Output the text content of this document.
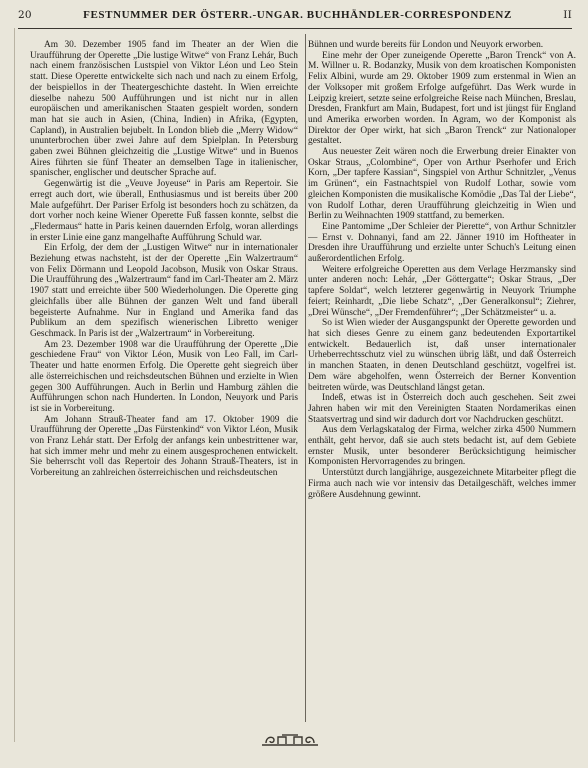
20	FESTNUMMER DER ÖSTERR.-UNGAR. BUCHHÄNDLER-CORRESPONDENZ	II

Am 30. Dezember 1905 fand im Theater an der Wien die Uraufführung der Operette „Die lustige Witwe“ von Franz Lehár, Buch nach einem französischen Lustspiel von Viktor Léon und Leo Stein statt. Diese Operette entwickelte sich nach und nach zu einem Erfolg, der beispiellos in der Theatergeschichte dasteht. In Wien erreichte dieselbe nahezu 500 Aufführungen und ist nicht nur in allen europäischen und amerikanischen Staaten gespielt worden, sondern man hat sie auch in Asien, (China, Indien) in Afrika, (Egypten, Capland), in Australien bejubelt. In London blieb die „Merry Widow“ ununterbrochen über zwei Jahre auf dem Spielplan. In Petersburg gaben zwei Bühnen gleichzeitig die „Lustige Witwe“ und in Buenos Aires führten sie fünf Theater an demselben Tage in italienischer, spanischer, englischer und deutscher Sprache auf.

Gegenwärtig ist die „Veuve Joyeuse“ in Paris am Repertoir. Sie erregt auch dort, wie überall, Enthusiasmus und ist bereits über 200 Male aufgeführt. Der Pariser Erfolg ist besonders hoch zu schätzen, da dort vorher noch keine Wiener Operette Fuß fassen konnte, selbst die „Fledermaus“ hatte in Paris keinen dauernden Erfolg, woran allerdings in erster Linie eine ganz mangelhafte Aufführung Schuld war.

Ein Erfolg, der dem der „Lustigen Witwe“ nur in internationaler Beziehung etwas nachsteht, ist der der Operette „Ein Walzertraum“ von Felix Dörmann und Leopold Jacobson, Musik von Oskar Straus. Die Uraufführung des „Walzertraum“ fand im Carl-Theater am 2. März 1907 statt und erreichte über 500 Wiederholungen. Die Operette ging gleichfalls über alle Bühnen der ganzen Welt und fand überall begeisterte Aufnahme. Nur in England und Amerika fand das Publikum an dem spezifisch wienerischen Libretto weniger Geschmack. In Paris ist der „Walzertraum“ in Vorbereitung.

Am 23. Dezember 1908 war die Uraufführung der Operette „Die geschiedene Frau“ von Viktor Léon, Musik von Leo Fall, im Carl-Theater und hatte enormen Erfolg. Die Operette geht siegreich über alle österreichischen und reichsdeutschen Bühnen und erzielte in Wien gegen 300 Aufführungen. Auch in Berlin und Hamburg zählen die Aufführungen schon nach Hunderten. In London, Neuyork und Paris ist sie in Vorbereitung.

Am Johann Strauß-Theater fand am 17. Oktober 1909 die Uraufführung der Operette „Das Fürstenkind“ von Viktor Léon, Musik von Franz Lehár statt. Der Erfolg der anfangs kein unbestrittener war, hat sich immer mehr und mehr zu einem ausgesprochenen entwickelt. Sie beherrscht voll das Repertoir des Johann Strauß-Theaters, ist in Vorbereitung an zahlreichen österreichischen und reichsdeutschen

Bühnen und wurde bereits für London und Neuyork erworben.

Eine mehr der Oper zuneigende Operette „Baron Trenck“ von A. M. Willner u. R. Bodanzky, Musik von dem kroatischen Komponisten Felix Albini, wurde am 29. Oktober 1909 zum erstenmal in Wien an der Volksoper mit großem Erfolge aufgeführt. Das Werk wurde in Leipzig kreiert, setzte seine erfolgreiche Reise nach München, Breslau, Dresden, Frankfurt am Main, Budapest, fort und ist jüngst für England und Amerika erworben worden. In Agram, wo der Komponist als Direktor der Oper wirkt, hat sich „Baron Trenck“ zur Nationaloper gestaltet.

Aus neuester Zeit wären noch die Erwerbung dreier Einakter von Oskar Straus, „Colombine“, Oper von Arthur Pserhofer und Erich Korn, „Der tapfere Kassian“, Singspiel von Arthur Schnitzler, „Venus im Grünen“, ein Fastnachtspiel von Rudolf Lothar, sowie vom gleichen Komponisten die musikalische Komödie „Das Tal der Liebe“, von Rudolf Lothar, deren Uraufführung gleichzeitig in Wien und Berlin zu Weihnachten 1909 stattfand, zu bemerken.

Eine Pantomime „Der Schleier der Pierette“, von Arthur Schnitzler — Ernst v. Dohnanyi, fand am 22. Jänner 1910 im Hoftheater in Dresden ihre Uraufführung und erzielte unter Schuch's Leitung einen außerordentlichen Erfolg.

Weitere erfolgreiche Operetten aus dem Verlage Herzmansky sind unter anderen noch: Lehár, „Der Göttergatte“; Oskar Straus, „Der tapfere Soldat“, welch letzterer gegenwärtig in Neuyork Triumphe feiert; Reinhardt, „Die liebe Schatz“, „Der Generalkonsul“; Ziehrer, „Drei Wünsche“, „Der Fremdenführer“; „Der Schätzmeister“ u. a.

So ist Wien wieder der Ausgangspunkt der Operette geworden und hat sich dieses Genre zu einem ganz bedeutenden Exportartikel entwickelt. Bedauerlich ist, daß unser internationaler Urheberrechtsschutz viel zu wünschen übrig läßt, und daß Österreich in manchen Staaten, in denen Deutschland geschützt, vogelfrei ist. Dem wäre abgeholfen, wenn Österreich der Berner Konvention beitreten würde, was Deutschland längst getan.

Indeß, etwas ist in Österreich doch auch geschehen. Seit zwei Jahren haben wir mit den Vereinigten Staaten Nordamerikas einen Staatsvertrag und sind wir dadurch dort vor Nachdrucken geschützt.

Aus dem Verlagskatalog der Firma, welcher zirka 4500 Nummern enthält, geht hervor, daß sie auch stets bedacht ist, auf dem Gebiete ernster Musik, unter besonderer Berücksichtigung heimischer Komponisten Hervorragendes zu bringen.

Unterstützt durch langjährige, ausgezeichnete Mitarbeiter pflegt die Firma auch nach wie vor intensiv das Detailgeschäft, welches immer größere Ausdehnung gewinnt.
